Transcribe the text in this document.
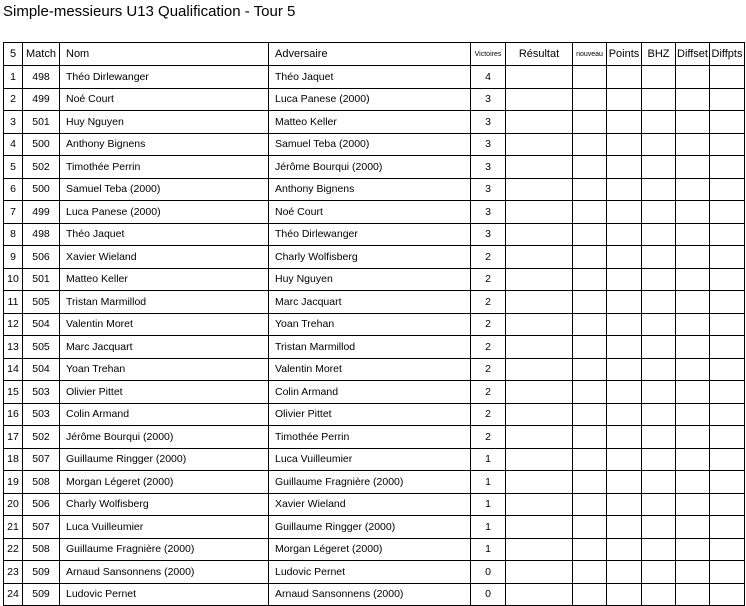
Simple-messieurs U13 Qualification - Tour 5
5	Match	Nom	Adversaire	Victoires	Résultat	nouveau	Points	BHZ	Diffset	Diffpts
1	498	Théo Dirlewanger	Théo Jaquet	4						
2	499	Noé Court	Luca Panese (2000)	3						
3	501	Huy Nguyen	Matteo Keller	3						
4	500	Anthony Bignens	Samuel Teba (2000)	3						
5	502	Timothée Perrin	Jérôme Bourqui (2000)	3						
6	500	Samuel Teba (2000)	Anthony Bignens	3						
7	499	Luca Panese (2000)	Noé Court	3						
8	498	Théo Jaquet	Théo Dirlewanger	3						
9	506	Xavier Wieland	Charly Wolfisberg	2						
10	501	Matteo Keller	Huy Nguyen	2						
11	505	Tristan Marmillod	Marc Jacquart	2						
12	504	Valentin Moret	Yoan Trehan	2						
13	505	Marc Jacquart	Tristan Marmillod	2						
14	504	Yoan Trehan	Valentin Moret	2						
15	503	Olivier Pittet	Colin Armand	2						
16	503	Colin Armand	Olivier Pittet	2						
17	502	Jérôme Bourqui (2000)	Timothée Perrin	2						
18	507	Guillaume Ringger (2000)	Luca Vuilleumier	1						
19	508	Morgan Légeret (2000)	Guillaume Fragnière (2000)	1						
20	506	Charly Wolfisberg	Xavier Wieland	1						
21	507	Luca Vuilleumier	Guillaume Ringger (2000)	1						
22	508	Guillaume Fragnière (2000)	Morgan Légeret (2000)	1						
23	509	Arnaud Sansonnens (2000)	Ludovic Pernet	0						
24	509	Ludovic Pernet	Arnaud Sansonnens (2000)	0						
